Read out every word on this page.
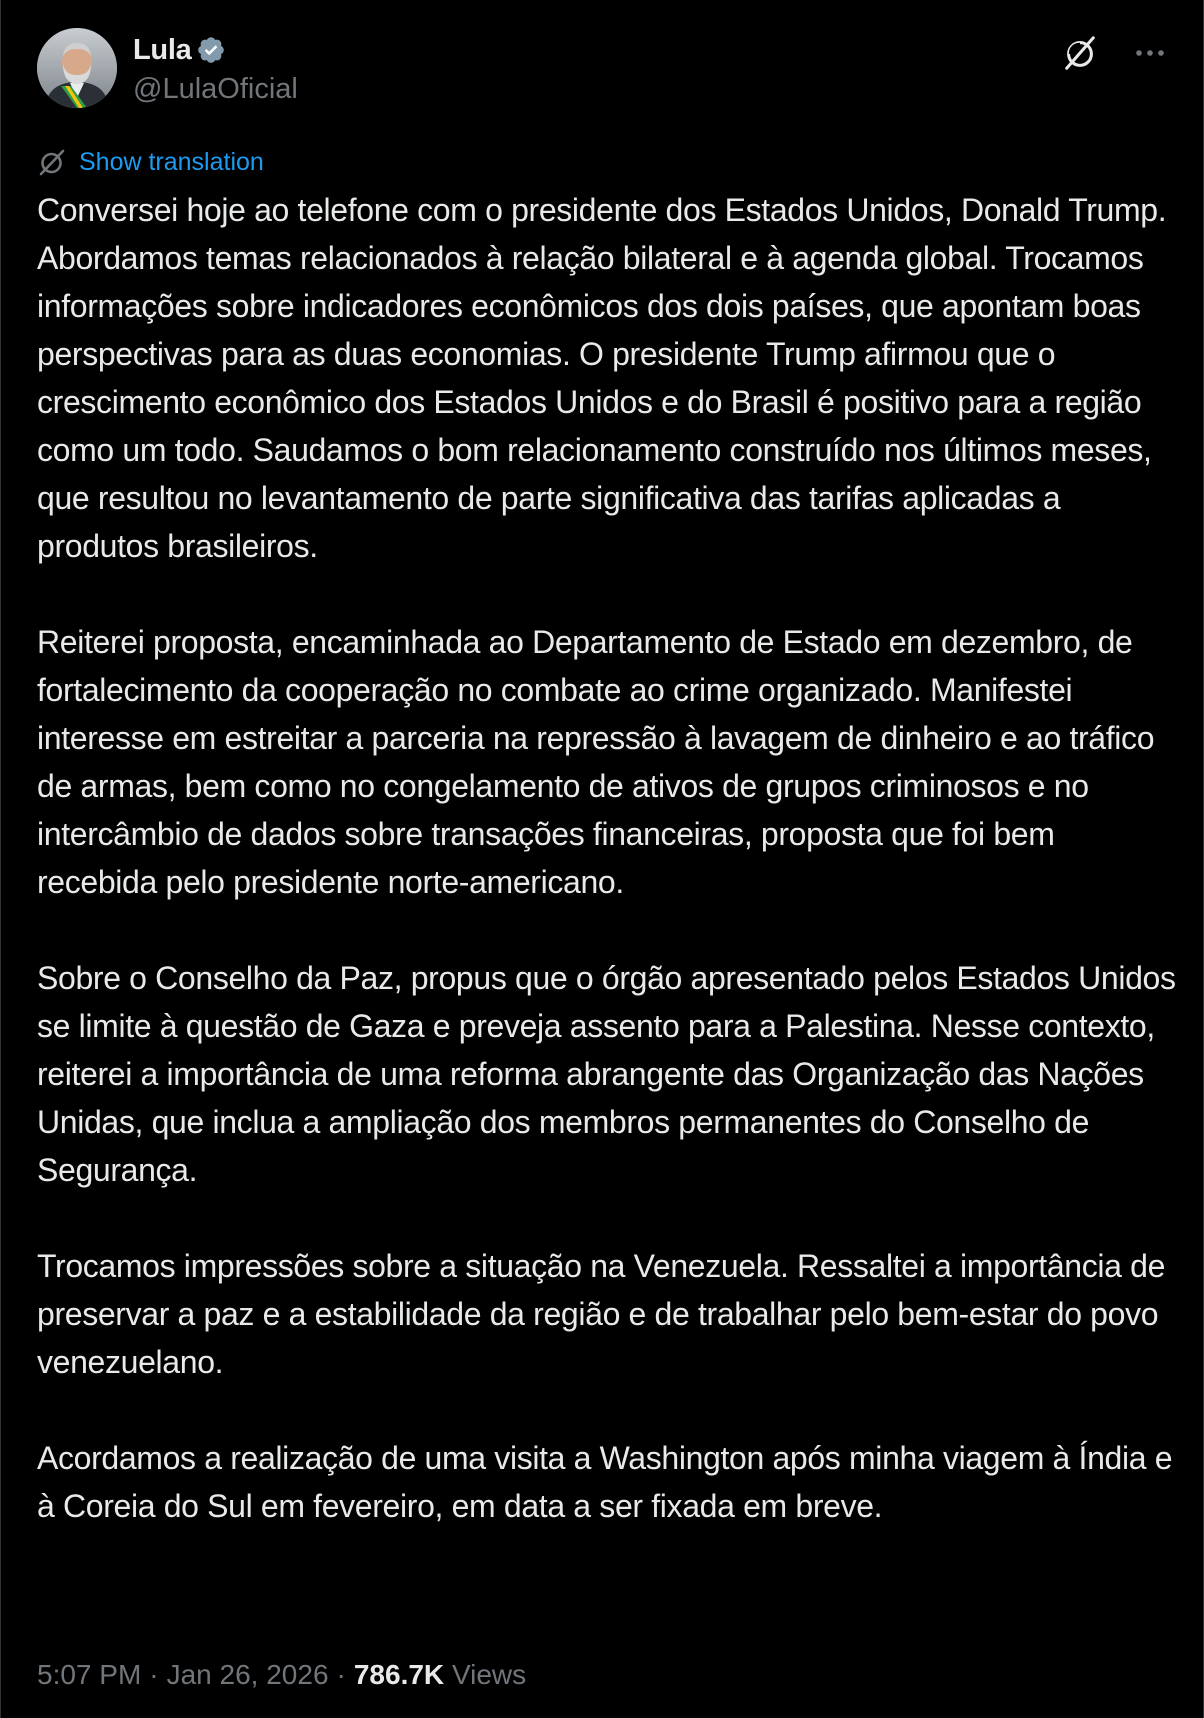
Lula
@LulaOficial
Show translation

Conversei hoje ao telefone com o presidente dos Estados Unidos, Donald Trump. Abordamos temas relacionados à relação bilateral e à agenda global. Trocamos informações sobre indicadores econômicos dos dois países, que apontam boas perspectivas para as duas economias. O presidente Trump afirmou que o crescimento econômico dos Estados Unidos e do Brasil é positivo para a região como um todo. Saudamos o bom relacionamento construído nos últimos meses, que resultou no levantamento de parte significativa das tarifas aplicadas a produtos brasileiros.

Reiterei proposta, encaminhada ao Departamento de Estado em dezembro, de fortalecimento da cooperação no combate ao crime organizado. Manifestei interesse em estreitar a parceria na repressão à lavagem de dinheiro e ao tráfico de armas, bem como no congelamento de ativos de grupos criminosos e no intercâmbio de dados sobre transações financeiras, proposta que foi bem recebida pelo presidente norte-americano.

Sobre o Conselho da Paz, propus que o órgão apresentado pelos Estados Unidos se limite à questão de Gaza e preveja assento para a Palestina. Nesse contexto, reiterei a importância de uma reforma abrangente das Organização das Nações Unidas, que inclua a ampliação dos membros permanentes do Conselho de Segurança.

Trocamos impressões sobre a situação na Venezuela. Ressaltei a importância de preservar a paz e a estabilidade da região e de trabalhar pelo bem-estar do povo venezuelano.

Acordamos a realização de uma visita a Washington após minha viagem à Índia e à Coreia do Sul em fevereiro, em data a ser fixada em breve.

5:07 PM · Jan 26, 2026 · 786.7K Views
